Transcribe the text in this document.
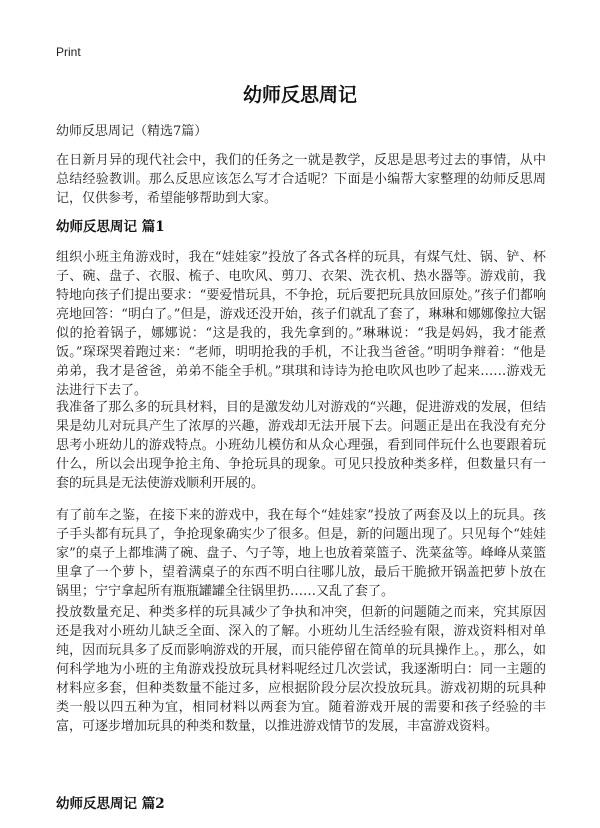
Print
幼师反思周记
幼师反思周记（精选7篇）

在日新月异的现代社会中，我们的任务之一就是教学，反思是思考过去的事情，从中总结经验教训。那么反思应该怎么写才合适呢？下面是小编帮大家整理的幼师反思周记，仅供参考，希望能够帮助到大家。

幼师反思周记 篇1

组织小班主角游戏时，我在“娃娃家”投放了各式各样的玩具，有煤气灶、锅、铲、杯子、碗、盘子、衣服、梳子、电吹风、剪刀、衣架、洗衣机、热水器等。游戏前，我特地向孩子们提出要求：“要爱惜玩具，不争抢，玩后要把玩具放回原处。”孩子们都响亮地回答：“明白了。”但是，游戏还没开始，孩子们就乱了套了，琳琳和娜娜像拉大锯似的抢着锅子，娜娜说：“这是我的，我先拿到的。”琳琳说：“我是妈妈，我才能煮饭。”琛琛哭着跑过来：“老师，明明抢我的手机，不让我当爸爸。”明明争辩着：“他是弟弟，我才是爸爸，弟弟不能全手机。”琪琪和诗诗为抢电吹风也吵了起来……游戏无法进行下去了。

我准备了那么多的玩具材料，目的是激发幼儿对游戏的“兴趣，促进游戏的发展，但结果是幼儿对玩具产生了浓厚的兴趣，游戏却无法开展下去。问题正是出在我没有充分思考小班幼儿的游戏特点。小班幼儿模仿和从众心理强，看到同伴玩什么也要跟着玩什么，所以会出现争抢主角、争抢玩具的现象。可见只投放种类多样，但数量只有一套的玩具是无法使游戏顺利开展的。

有了前车之鉴，在接下来的游戏中，我在每个“娃娃家”投放了两套及以上的玩具。孩子手头都有玩具了，争抢现象确实少了很多。但是，新的问题出现了。只见每个“娃娃家”的桌子上都堆满了碗、盘子、勺子等，地上也放着菜篮子、洗菜盆等。峰峰从菜篮里拿了一个萝卜，望着满桌子的东西不明白往哪儿放，最后干脆掀开锅盖把萝卜放在锅里；宁宁拿起所有瓶瓶罐罐全往锅里扔……又乱了套了。

投放数量充足、种类多样的玩具减少了争执和冲突，但新的问题随之而来，究其原因还是我对小班幼儿缺乏全面、深入的了解。小班幼儿生活经验有限，游戏资料相对单纯，因而玩具多了反而影响游戏的开展，而只能停留在简单的玩具操作上。，那么，如何科学地为小班的主角游戏投放玩具材料呢经过几次尝试，我逐渐明白：同一主题的材料应多套，但种类数量不能过多，应根据阶段分层次投放玩具。游戏初期的玩具种类一般以四五种为宜，相同材料以两套为宜。随着游戏开展的需要和孩子经验的丰富，可逐步增加玩具的种类和数量，以推进游戏情节的发展，丰富游戏资料。

幼师反思周记 篇2
